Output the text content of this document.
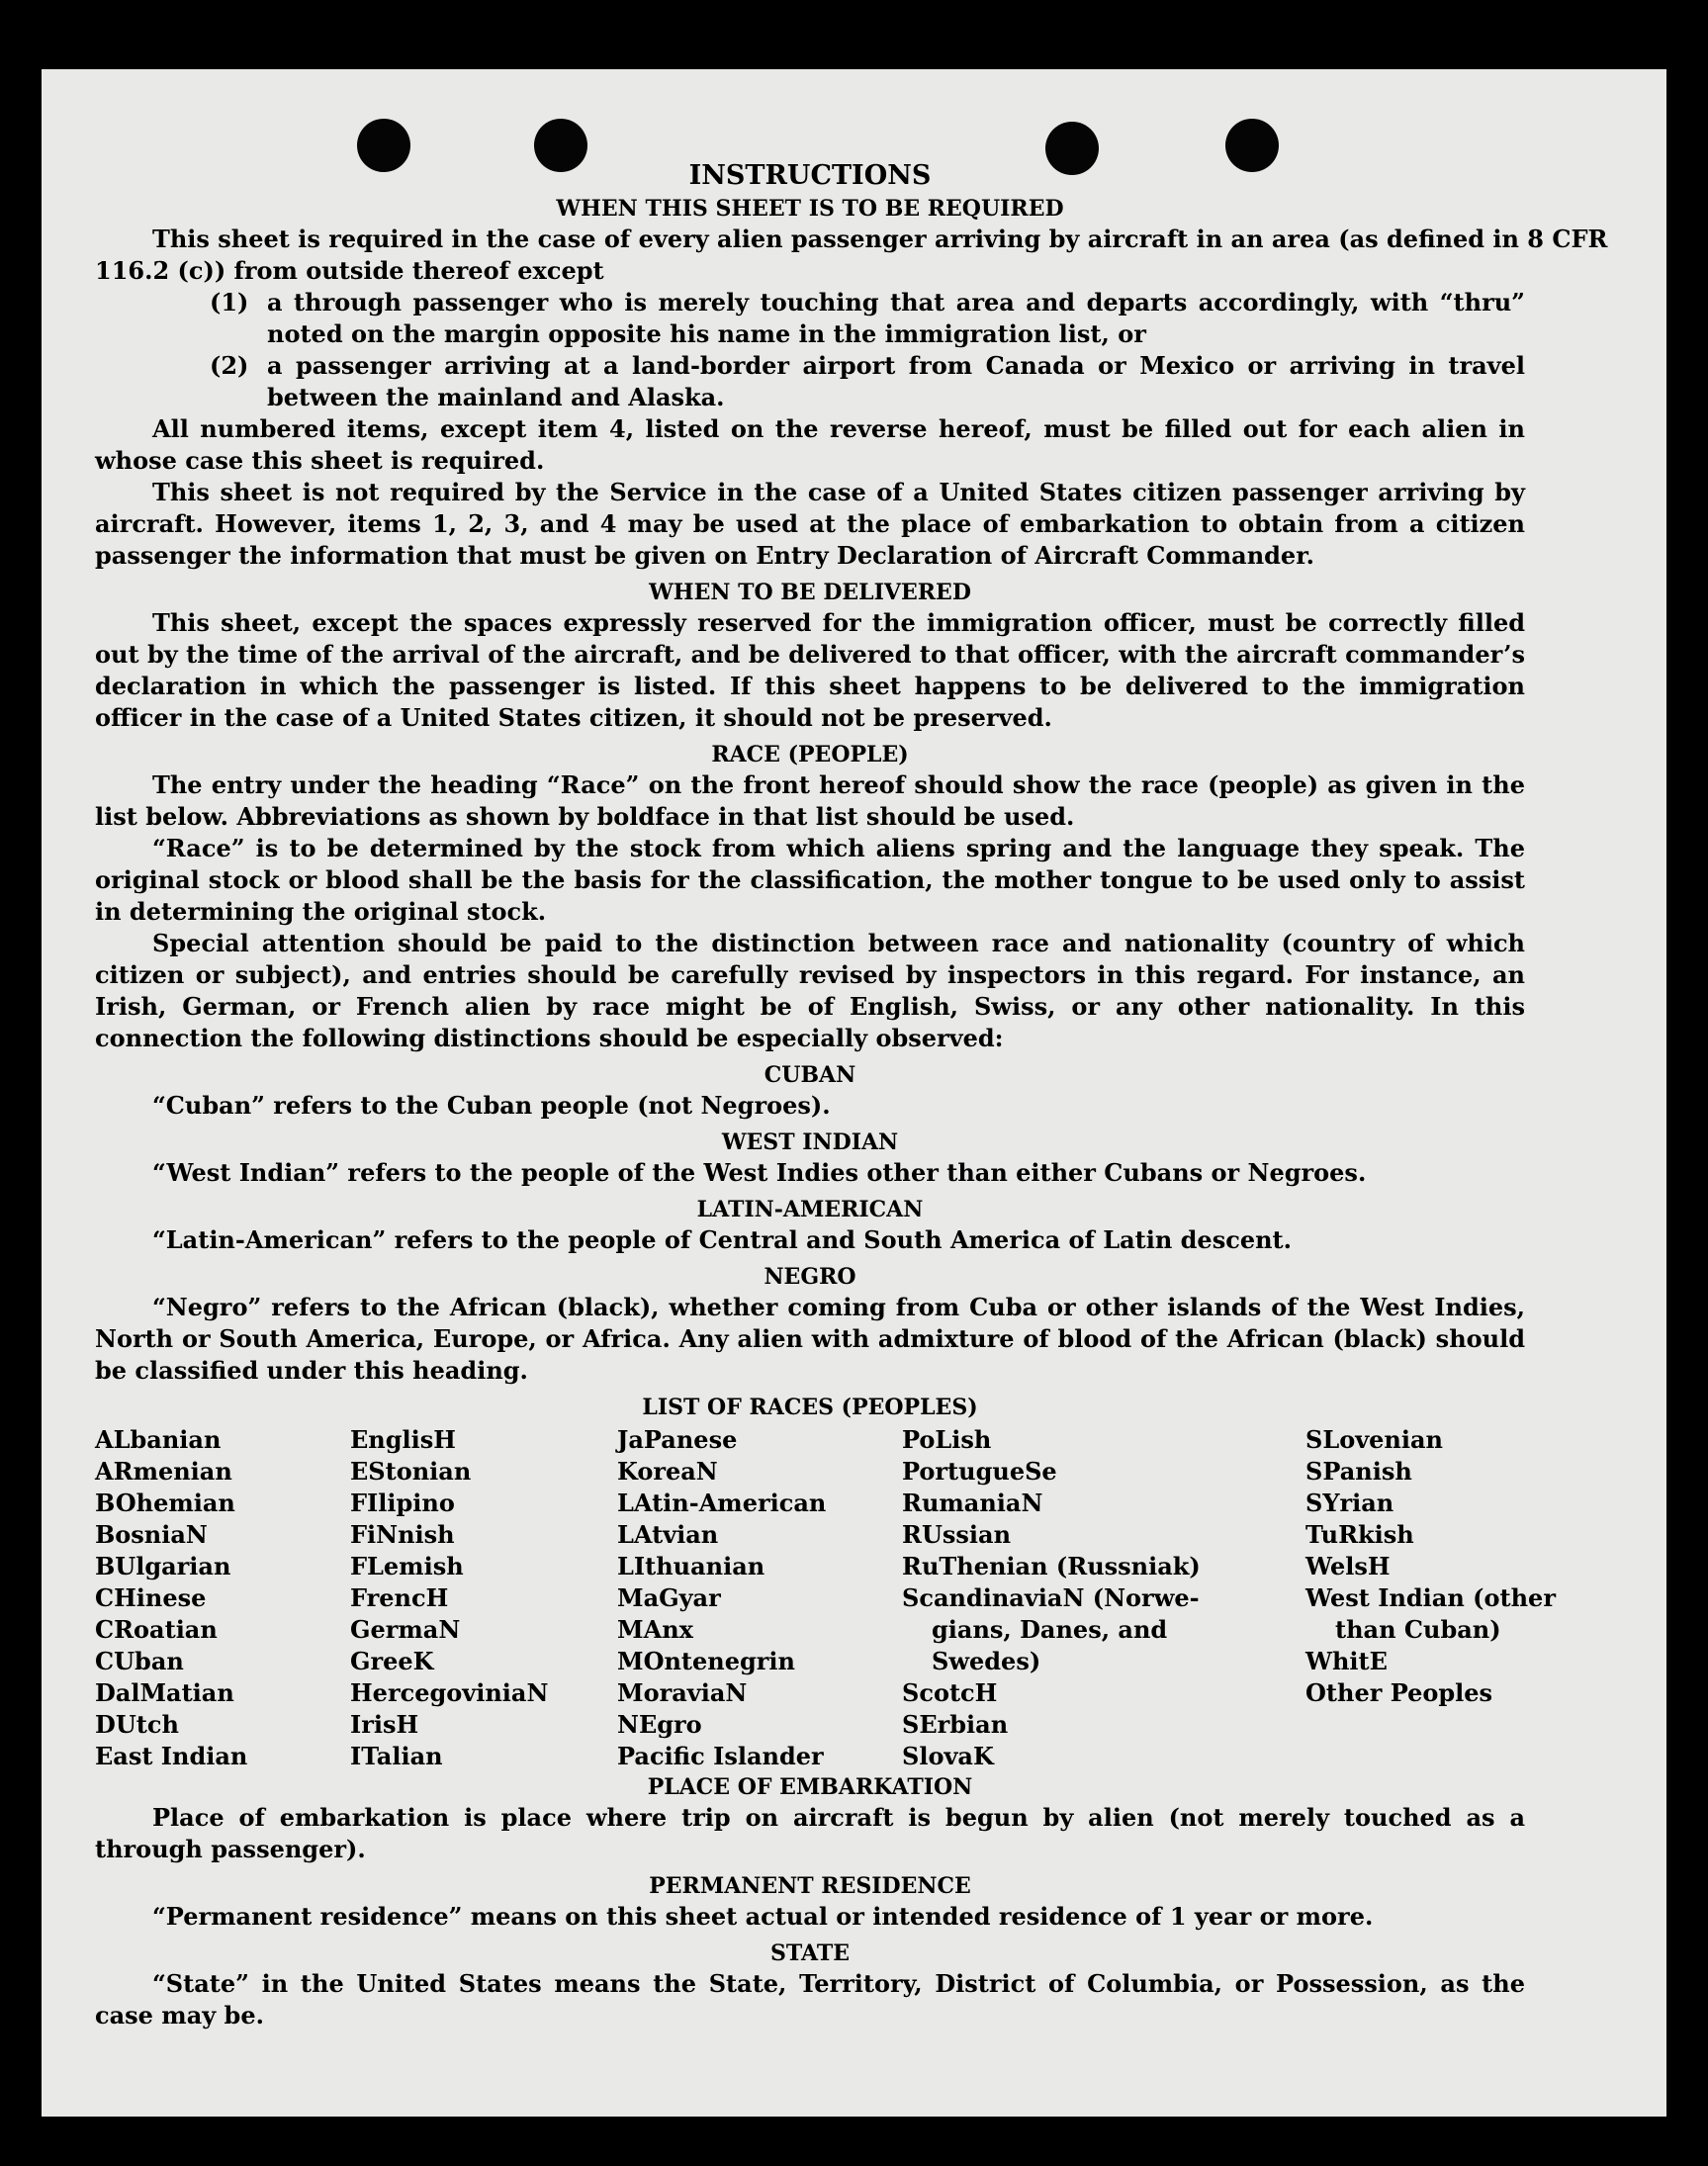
INSTRUCTIONS
WHEN THIS SHEET IS TO BE REQUIRED
This sheet is required in the case of every alien passenger arriving by aircraft in an area (as defined in 8 CFR
116.2 (c)) from outside thereof except
(1) a through passenger who is merely touching that area and departs accordingly, with “thru” noted on the margin opposite his name in the immigration list, or
(2) a passenger arriving at a land-border airport from Canada or Mexico or arriving in travel between the mainland and Alaska.

All numbered items, except item 4, listed on the reverse hereof, must be filled out for each alien in whose case this sheet is required.

This sheet is not required by the Service in the case of a United States citizen passenger arriving by aircraft. However, items 1, 2, 3, and 4 may be used at the place of embarkation to obtain from a citizen passenger the information that must be given on Entry Declaration of Aircraft Commander.

WHEN TO BE DELIVERED

This sheet, except the spaces expressly reserved for the immigration officer, must be correctly filled out by the time of the arrival of the aircraft, and be delivered to that officer, with the aircraft commander’s declaration in which the passenger is listed. If this sheet happens to be delivered to the immigration officer in the case of a United States citizen, it should not be preserved.

RACE (PEOPLE)

The entry under the heading “Race” on the front hereof should show the race (people) as given in the list below. Abbreviations as shown by boldface in that list should be used.

“Race” is to be determined by the stock from which aliens spring and the language they speak. The original stock or blood shall be the basis for the classification, the mother tongue to be used only to assist in determining the original stock.

Special attention should be paid to the distinction between race and nationality (country of which citizen or subject), and entries should be carefully revised by inspectors in this regard. For instance, an Irish, German, or French alien by race might be of English, Swiss, or any other nationality. In this connection the following distinctions should be especially observed:

CUBAN

“Cuban” refers to the Cuban people (not Negroes).

WEST INDIAN

“West Indian” refers to the people of the West Indies other than either Cubans or Negroes.

LATIN-AMERICAN

“Latin-American” refers to the people of Central and South America of Latin descent.

NEGRO

“Negro” refers to the African (black), whether coming from Cuba or other islands of the West Indies, North or South America, Europe, or Africa. Any alien with admixture of blood of the African (black) should be classified under this heading.

LIST OF RACES (PEOPLES)
ALbanian
ARmenian
BOhemian
BosniaN
BUlgarian
CHinese
CRoatian
CUban
DalMatian
DUtch
East Indian
EnglisH
EStonian
FIlipino
FiNnish
FLemish
FrencH
GermaN
GreeK
HercegoviniaN
IrisH
ITalian
JaPanese
KoreaN
LAtin-American
LAtvian
LIthuanian
MaGyar
MAnx
MOntenegrin
MoraviaN
NEgro
Pacific Islander
PoLish
PortugueSe
RumaniaN
RUssian
RuThenian (Russniak)
ScandinaviaN (Norwe-
gians, Danes, and
Swedes)
ScotcH
SErbian
SlovaK
SLovenian
SPanish
SYrian
TuRkish
WelsH
West Indian (other
than Cuban)
WhitE
Other Peoples
PLACE OF EMBARKATION

Place of embarkation is place where trip on aircraft is begun by alien (not merely touched as a through passenger).

PERMANENT RESIDENCE

“Permanent residence” means on this sheet actual or intended residence of 1 year or more.

STATE

“State” in the United States means the State, Territory, District of Columbia, or Possession, as the case may be.
